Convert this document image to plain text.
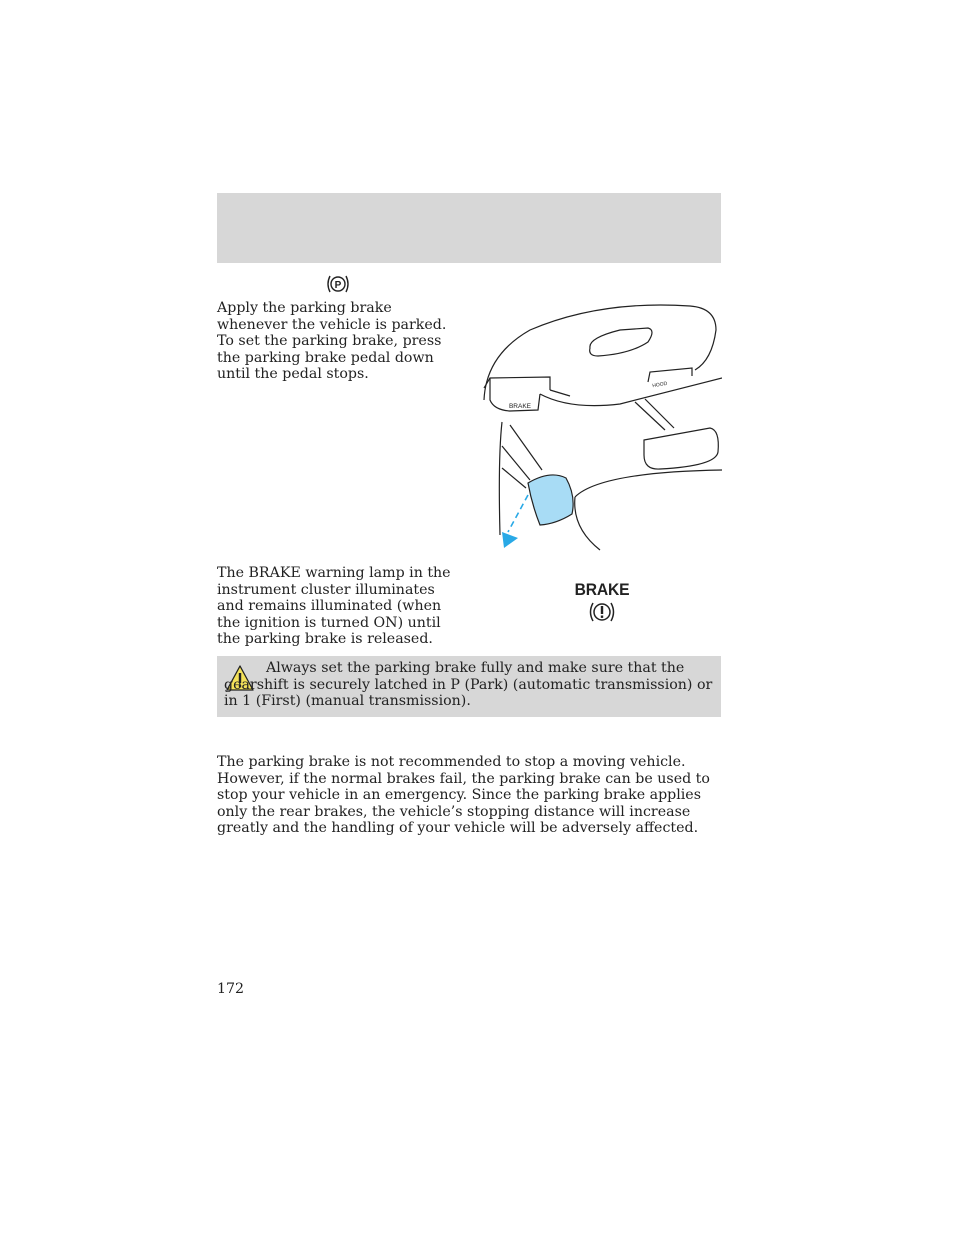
P

Apply the parking brake whenever the vehicle is parked. To set the parking brake, press the parking brake pedal down until the pedal stops.

BRAKE
HOOD

The BRAKE warning lamp in the instrument cluster illuminates and remains illuminated (when the ignition is turned ON) until the parking brake is released.

BRAKE

Always set the parking brake fully and make sure that the gearshift is securely latched in P (Park) (automatic transmission) or in 1 (First) (manual transmission).

The parking brake is not recommended to stop a moving vehicle. However, if the normal brakes fail, the parking brake can be used to stop your vehicle in an emergency. Since the parking brake applies only the rear brakes, the vehicle’s stopping distance will increase greatly and the handling of your vehicle will be adversely affected.

172
